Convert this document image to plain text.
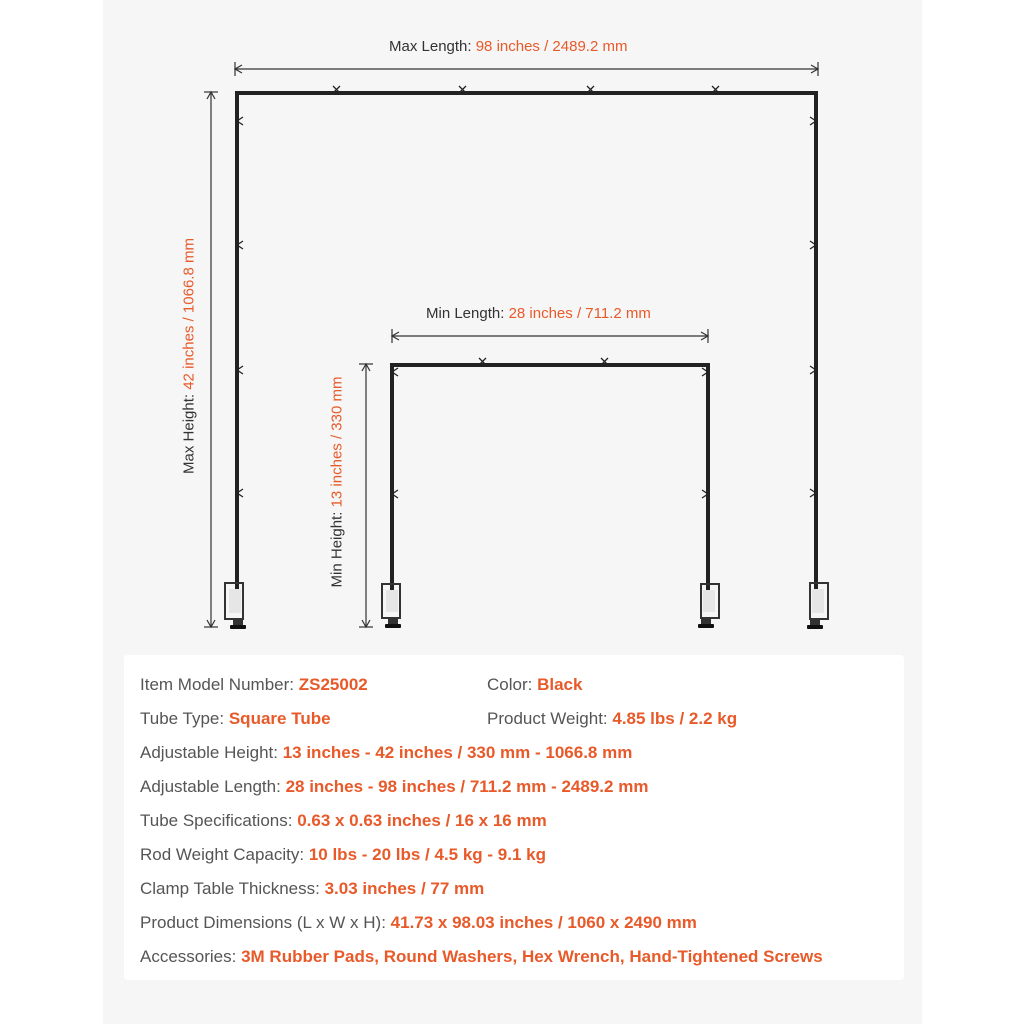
Max Length: 98 inches / 2489.2 mm
Max Height: 42 inches / 1066.8 mm	Min Length: 28 inches / 711.2 mm
Min Height: 13 inches / 330 mm
Item Model Number: ZS25002	Color: Black
Tube Type: Square Tube	Product Weight: 4.85 lbs / 2.2 kg
Adjustable Height: 13 inches - 42 inches / 330 mm - 1066.8 mm
Adjustable Length: 28 inches - 98 inches / 711.2 mm - 2489.2 mm
Tube Specifications: 0.63 x 0.63 inches / 16 x 16 mm
Rod Weight Capacity: 10 lbs - 20 lbs / 4.5 kg - 9.1 kg
Clamp Table Thickness: 3.03 inches / 77 mm
Product Dimensions (L x W x H): 41.73 x 98.03 inches / 1060 x 2490 mm
Accessories: 3M Rubber Pads, Round Washers, Hex Wrench, Hand-Tightened Screws
